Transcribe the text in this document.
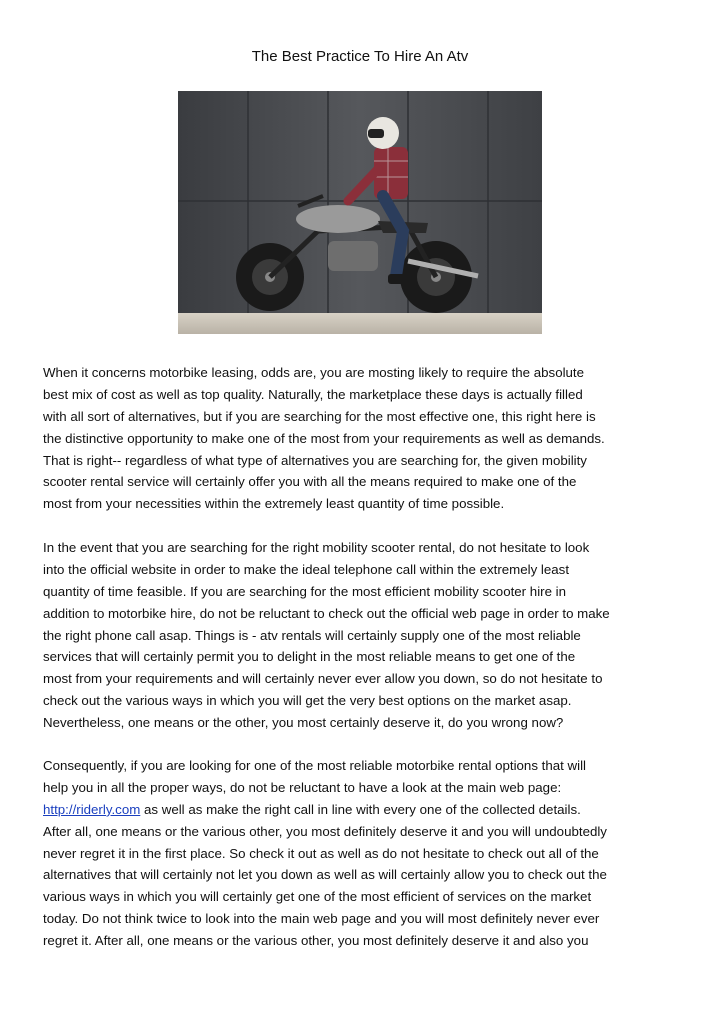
The Best Practice To Hire An Atv
When it concerns motorbike leasing, odds are, you are mosting likely to require the absolute
best mix of cost as well as top quality. Naturally, the marketplace these days is actually filled
with all sort of alternatives, but if you are searching for the most effective one, this right here is
the distinctive opportunity to make one of the most from your requirements as well as demands.
That is right-- regardless of what type of alternatives you are searching for, the given mobility
scooter rental service will certainly offer you with all the means required to make one of the
most from your necessities within the extremely least quantity of time possible.
In the event that you are searching for the right mobility scooter rental, do not hesitate to look
into the official website in order to make the ideal telephone call within the extremely least
quantity of time feasible. If you are searching for the most efficient mobility scooter hire in
addition to motorbike hire, do not be reluctant to check out the official web page in order to make
the right phone call asap. Things is - atv rentals will certainly supply one of the most reliable
services that will certainly permit you to delight in the most reliable means to get one of the
most from your requirements and will certainly never ever allow you down, so do not hesitate to
check out the various ways in which you will get the very best options on the market asap.
Nevertheless, one means or the other, you most certainly deserve it, do you wrong now?
Consequently, if you are looking for one of the most reliable motorbike rental options that will
help you in all the proper ways, do not be reluctant to have a look at the main web page:
http://riderly.com as well as make the right call in line with every one of the collected details.
After all, one means or the various other, you most definitely deserve it and you will undoubtedly
never regret it in the first place. So check it out as well as do not hesitate to check out all of the
alternatives that will certainly not let you down as well as will certainly allow you to check out the
various ways in which you will certainly get one of the most efficient of services on the market
today. Do not think twice to look into the main web page and you will most definitely never ever
regret it. After all, one means or the various other, you most definitely deserve it and also you
